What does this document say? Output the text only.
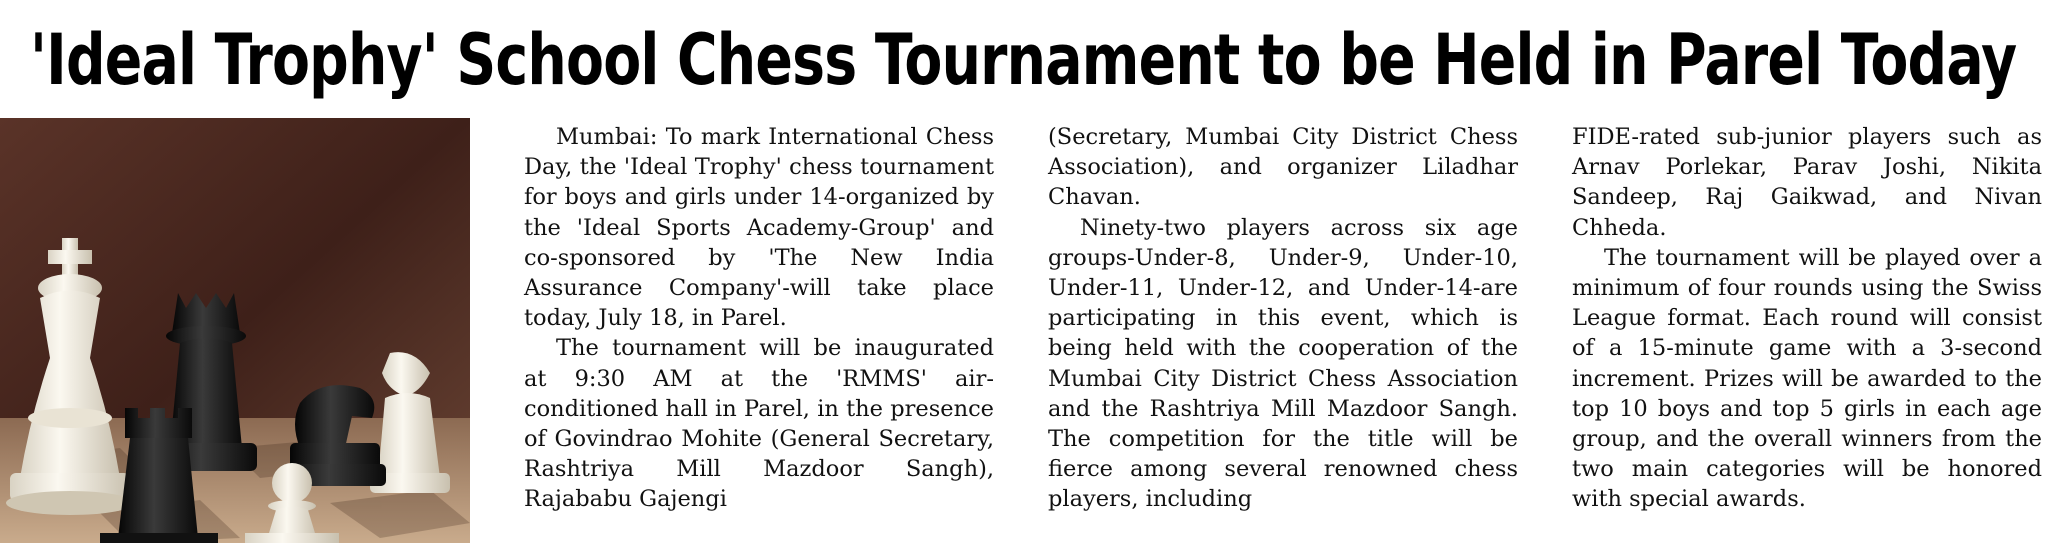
'Ideal Trophy' School Chess Tournament to be Held in Parel Today

Mumbai: To mark International Chess Day, the 'Ideal Trophy' chess tournament for boys and girls under 14-organized by the 'Ideal Sports Academy-Group' and co-sponsored by 'The New India Assurance Company'-will take place today, July 18, in Parel.

The tournament will be inaugurated at 9:30 AM at the 'RMMS' air-conditioned hall in Parel, in the presence of Govindrao Mohite (General Secretary, Rashtriya Mill Mazdoor Sangh), Rajababu Gajengi

(Secretary, Mumbai City District Chess Association), and organizer Liladhar Chavan.

Ninety-two players across six age groups-Under-8, Under-9, Under-10, Under-11, Under-12, and Under-14-are participating in this event, which is being held with the cooperation of the Mumbai City District Chess Association and the Rashtriya Mill Mazdoor Sangh. The competition for the title will be fierce among several renowned chess players, including

FIDE-rated sub-junior players such as Arnav Porlekar, Parav Joshi, Nikita Sandeep, Raj Gaikwad, and Nivan Chheda.

The tournament will be played over a minimum of four rounds using the Swiss League format. Each round will consist of a 15-minute game with a 3-second increment. Prizes will be awarded to the top 10 boys and top 5 girls in each age group, and the overall winners from the two main categories will be honored with special awards.
